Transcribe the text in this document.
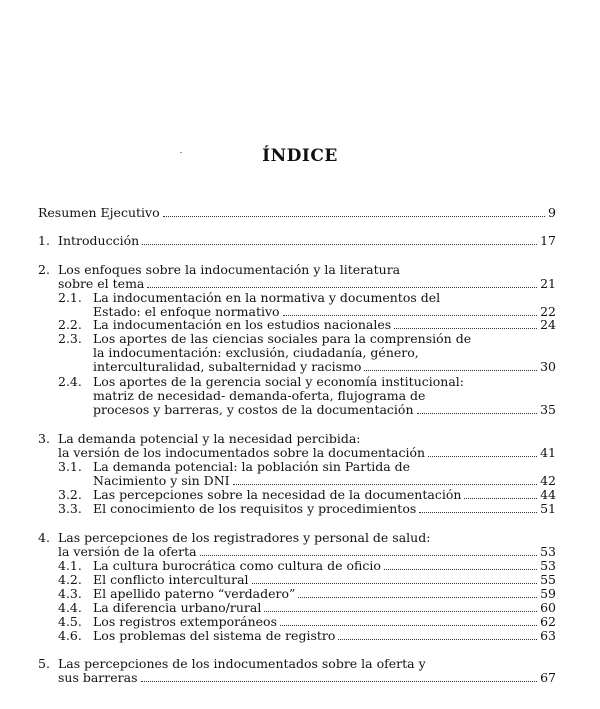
ÍNDICE
Resumen Ejecutivo	9
1. Introducción	17
2. Los enfoques sobre la indocumentación y la literatura
sobre el tema	21
2.1. La indocumentación en la normativa y documentos del
Estado: el enfoque normativo	22
2.2. La indocumentación en los estudios nacionales	24
2.3. Los aportes de las ciencias sociales para la comprensión de
la indocumentación: exclusión, ciudadanía, género,
interculturalidad, subalternidad y racismo	30
2.4. Los aportes de la gerencia social y economía institucional:
matriz de necesidad- demanda-oferta, flujograma de
procesos y barreras, y costos de la documentación	35
3. La demanda potencial y la necesidad percibida:
la versión de los indocumentados sobre la documentación	41
3.1. La demanda potencial: la población sin Partida de
Nacimiento y sin DNI	42
3.2. Las percepciones sobre la necesidad de la documentación	44
3.3. El conocimiento de los requisitos y procedimientos	51
4. Las percepciones de los registradores y personal de salud:
la versión de la oferta	53
4.1. La cultura burocrática como cultura de oficio	53
4.2. El conflicto intercultural	55
4.3. El apellido paterno “verdadero”	59
4.4. La diferencia urbano/rural	60
4.5. Los registros extemporáneos	62
4.6. Los problemas del sistema de registro	63
5. Las percepciones de los indocumentados sobre la oferta y
sus barreras	67
